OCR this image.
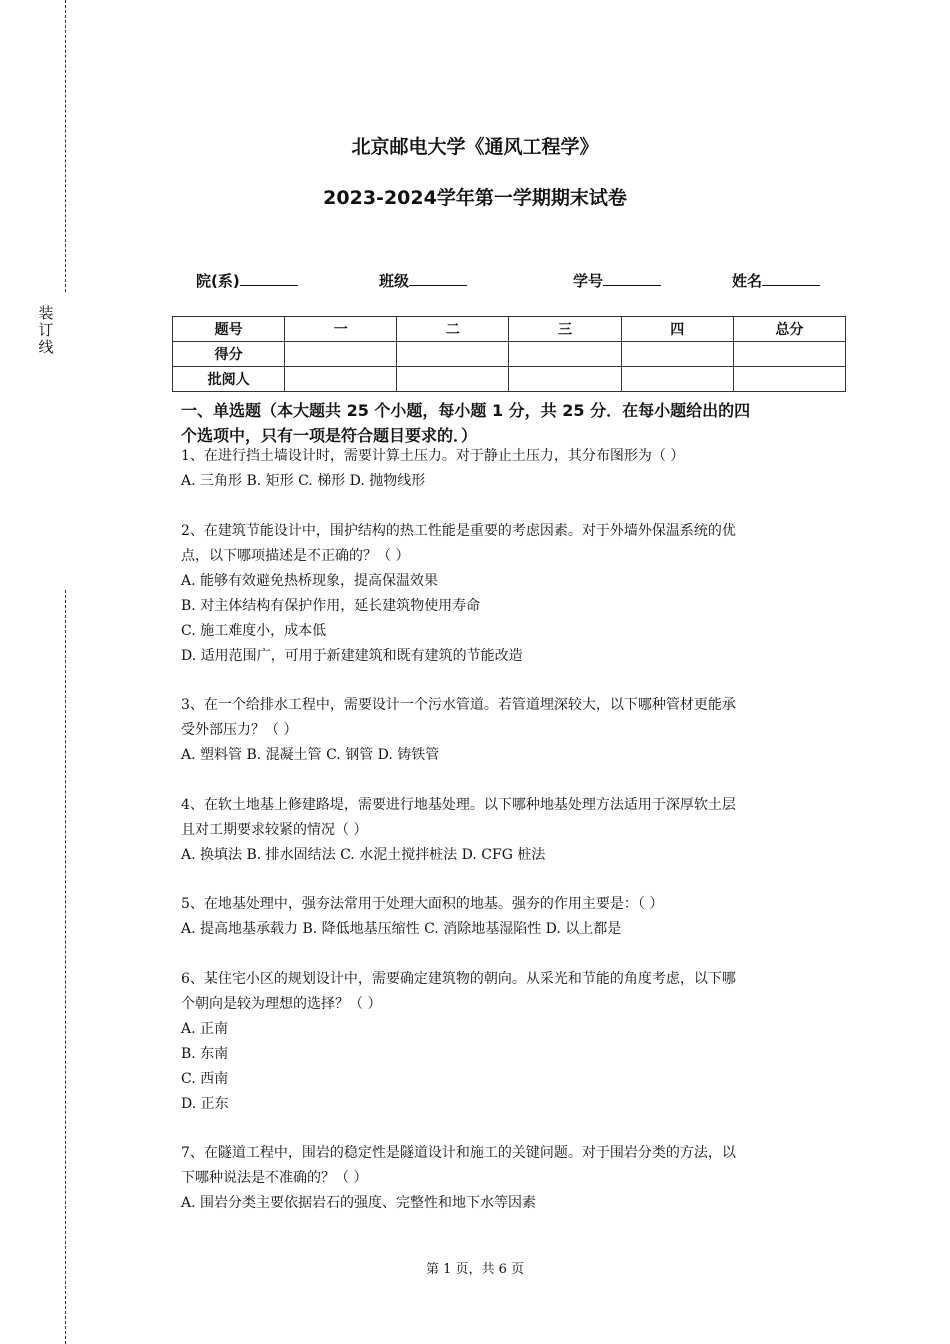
装
订
线
北京邮电大学《通风工程学》
2023-2024学年第一学期期末试卷
院(系)	班级	学号	姓名
题号	一	二	三	四	总分
得分					
批阅人					
一、单选题（本大题共 25 个小题，每小题 1 分，共 25 分．在每小题给出的四
个选项中，只有一项是符合题目要求的．）
1、在进行挡土墙设计时，需要计算土压力。对于静止土压力，其分布图形为（ ）
A. 三角形 B. 矩形 C. 梯形 D. 抛物线形
2、在建筑节能设计中，围护结构的热工性能是重要的考虑因素。对于外墙外保温系统的优
点，以下哪项描述是不正确的？（ ）
A. 能够有效避免热桥现象，提高保温效果
B. 对主体结构有保护作用，延长建筑物使用寿命
C. 施工难度小，成本低
D. 适用范围广，可用于新建建筑和既有建筑的节能改造
3、在一个给排水工程中，需要设计一个污水管道。若管道埋深较大，以下哪种管材更能承
受外部压力？（ ）
A. 塑料管 B. 混凝土管 C. 钢管 D. 铸铁管
4、在软土地基上修建路堤，需要进行地基处理。以下哪种地基处理方法适用于深厚软土层
且对工期要求较紧的情况（ ）
A. 换填法 B. 排水固结法 C. 水泥土搅拌桩法 D. CFG 桩法
5、在地基处理中，强夯法常用于处理大面积的地基。强夯的作用主要是：（ ）
A. 提高地基承载力 B. 降低地基压缩性 C. 消除地基湿陷性 D. 以上都是
6、某住宅小区的规划设计中，需要确定建筑物的朝向。从采光和节能的角度考虑，以下哪
个朝向是较为理想的选择？（ ）
A. 正南
B. 东南
C. 西南
D. 正东
7、在隧道工程中，围岩的稳定性是隧道设计和施工的关键问题。对于围岩分类的方法，以
下哪种说法是不准确的？（ ）
A. 围岩分类主要依据岩石的强度、完整性和地下水等因素
第 1 页，共 6 页
